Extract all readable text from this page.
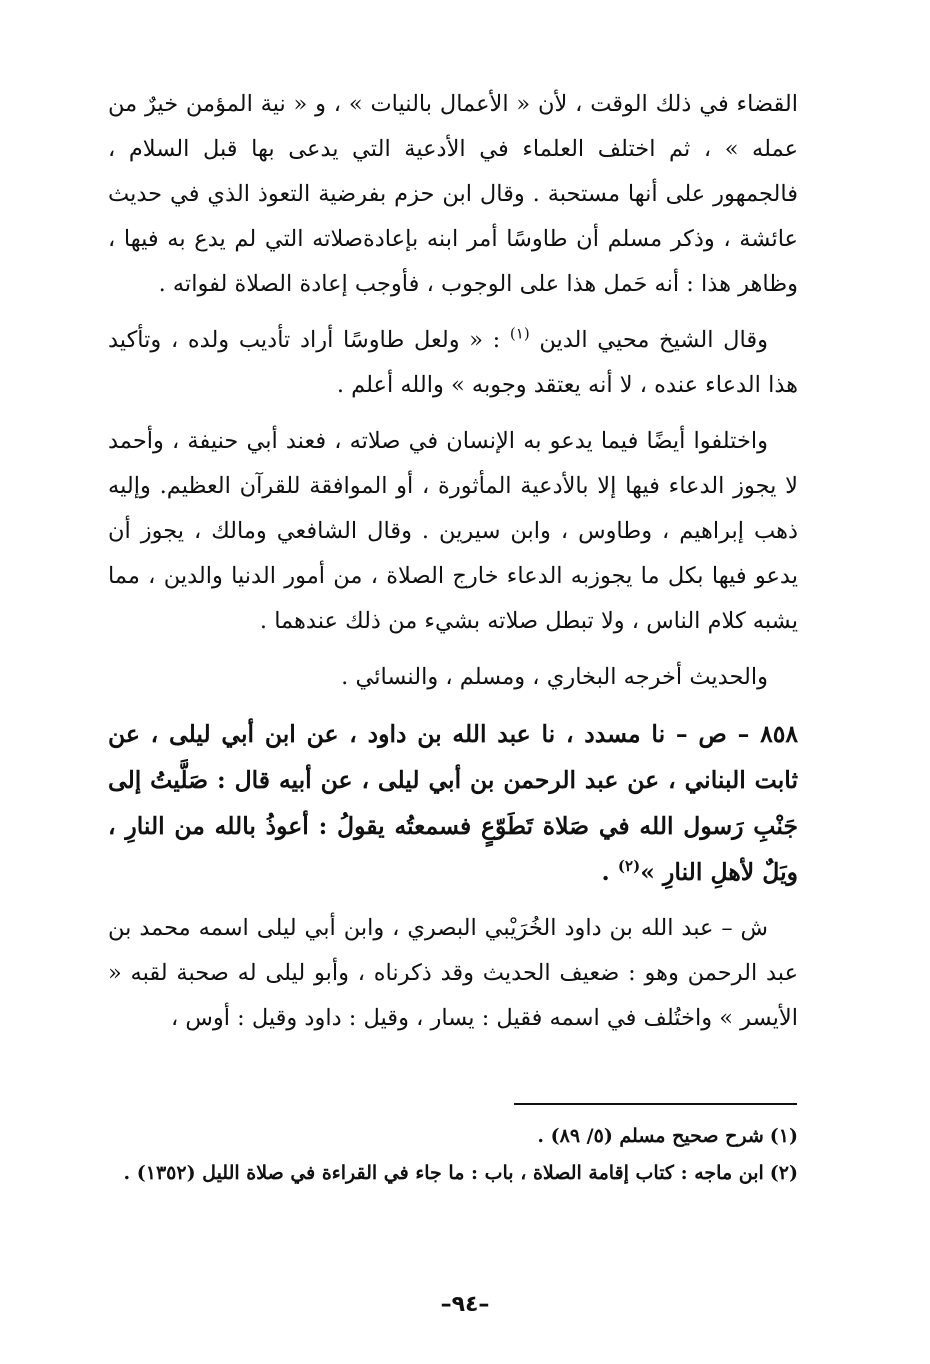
القضاء في ذلك الوقت ، لأن « الأعمال بالنيات » ، و « نية المؤمن خيرٌ من عمله » ، ثم اختلف العلماء في الأدعية التي يدعى بها قبل السلام ، فالجمهور على أنها مستحبة . وقال ابن حزم بفرضية التعوذ الذي في حديث عائشة ، وذكر مسلم أن طاوسًا أمر ابنه بإعادةصلاته التي لم يدع به فيها ، وظاهر هذا : أنه حَمل هذا على الوجوب ، فأوجب إعادة الصلاة لفواته .

وقال الشيخ محيي الدين $^{(١)}$ : « ولعل طاوسًا أراد تأديب ولده ، وتأكيد هذا الدعاء عنده ، لا أنه يعتقد وجوبه » والله أعلم .

واختلفوا أيضًا فيما يدعو به الإنسان في صلاته ، فعند أبي حنيفة ، وأحمد لا يجوز الدعاء فيها إلا بالأدعية المأثورة ، أو الموافقة للقرآن العظيم. وإليه ذهب إبراهيم ، وطاوس ، وابن سيرين . وقال الشافعي ومالك ، يجوز أن يدعو فيها بكل ما يجوزبه الدعاء خارج الصلاة ، من أمور الدنيا والدين ، مما يشبه كلام الناس ، ولا تبطل صلاته بشيء من ذلك عندهما .

والحديث أخرجه البخاري ، ومسلم ، والنسائي .

٨٥٨ – ص – نا مسدد ، نا عبد الله بن داود ، عن ابن أبي ليلى ، عن ثابت البناني ، عن عبد الرحمن بن أبي ليلى ، عن أبيه قال : صَلَّيتُ إلى جَنْبِ رَسول الله في صَلاة تَطَوّعٍ فسمعتُه يقولُ : أعوذُ بالله من النارِ ، ويَلٌ لأهلِ النارِ »$^{(٢)}$ .

ش – عبد الله بن داود الخُرَيْبي البصري ، وابن أبي ليلى اسمه محمد بن عبد الرحمن وهو : ضعيف الحديث وقد ذكرناه ، وأبو ليلى له صحبة لقبه « الأيسر » واختُلف في اسمه فقيل : يسار ، وقيل : داود وقيل : أوس ،

(١)شرح صحيح مسلم (٥/ ٨٩) .

(٢)ابن ماجه : كتاب إقامة الصلاة ، باب : ما جاء في القراءة في صلاة الليل (١٣٥٢) .

–٩٤–
